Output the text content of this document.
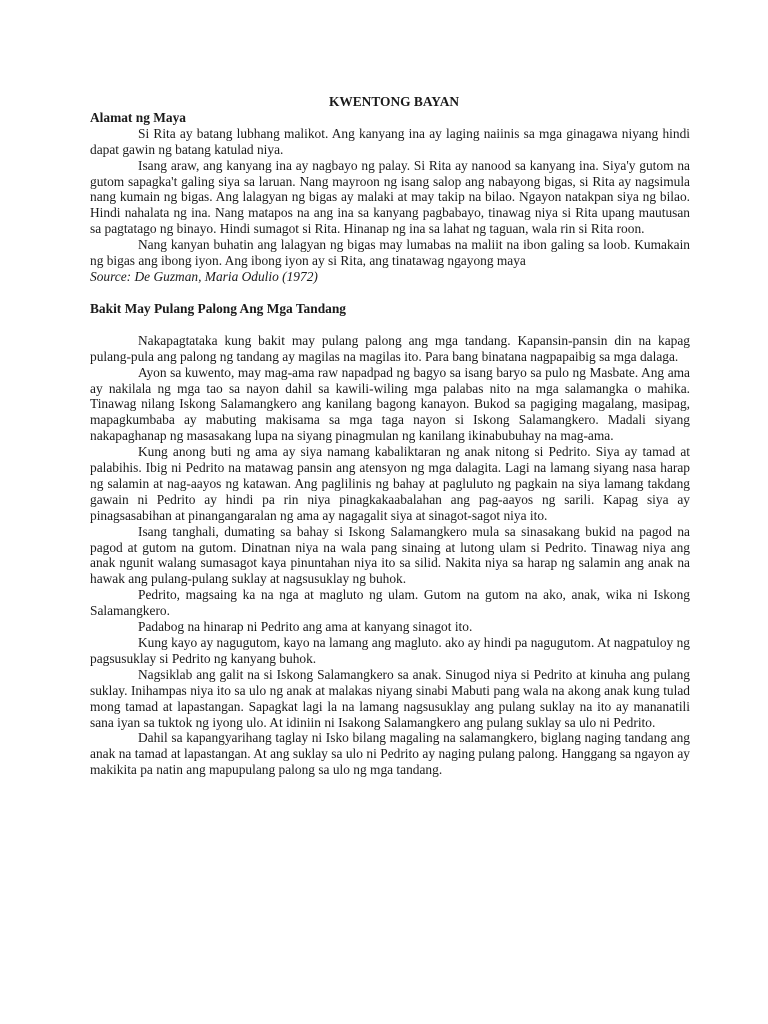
KWENTONG BAYAN
Alamat ng Maya

Si Rita ay batang lubhang malikot. Ang kanyang ina ay laging naiinis sa mga ginagawa niyang hindi dapat gawin ng batang katulad niya.

Isang araw, ang kanyang ina ay nagbayo ng palay. Si Rita ay nanood sa kanyang ina. Siya'y gutom na gutom sapagka't galing siya sa laruan. Nang mayroon ng isang salop ang nabayong bigas, si Rita ay nagsimula nang kumain ng bigas. Ang lalagyan ng bigas ay malaki at may takip na bilao. Ngayon natakpan siya ng bilao. Hindi nahalata ng ina. Nang matapos na ang ina sa kanyang pagbabayo, tinawag niya si Rita upang mautusan sa pagtatago ng binayo. Hindi sumagot si Rita. Hinanap ng ina sa lahat ng taguan, wala rin si Rita roon.

Nang kanyan buhatin ang lalagyan ng bigas may lumabas na maliit na ibon galing sa loob. Kumakain ng bigas ang ibong iyon. Ang ibong iyon ay si Rita, ang tinatawag ngayong maya

Source: De Guzman, Maria Odulio (1972)

Bakit May Pulang Palong Ang Mga Tandang

Nakapagtataka kung bakit may pulang palong ang mga tandang. Kapansin-pansin din na kapag pulang-pula ang palong ng tandang ay magilas na magilas ito. Para bang binatana nagpapaibig sa mga dalaga.

Ayon sa kuwento, may mag-ama raw napadpad ng bagyo sa isang baryo sa pulo ng Masbate. Ang ama ay nakilala ng mga tao sa nayon dahil sa kawili-wiling mga palabas nito na mga salamangka o mahika. Tinawag nilang Iskong Salamangkero ang kanilang bagong kanayon. Bukod sa pagiging magalang, masipag, mapagkumbaba ay mabuting makisama sa mga taga nayon si Iskong Salamangkero. Madali siyang nakapaghanap ng masasakang lupa na siyang pinagmulan ng kanilang ikinabubuhay na mag-ama.

Kung anong buti ng ama ay siya namang kabaliktaran ng anak nitong si Pedrito. Siya ay tamad at palabihis. Ibig ni Pedrito na matawag pansin ang atensyon ng mga dalagita. Lagi na lamang siyang nasa harap ng salamin at nag-aayos ng katawan. Ang paglilinis ng bahay at pagluluto ng pagkain na siya lamang takdang gawain ni Pedrito ay hindi pa rin niya pinagkakaabalahan ang pag-aayos ng sarili. Kapag siya ay pinagsasabihan at pinangangaralan ng ama ay nagagalit siya at sinagot-sagot niya ito.

Isang tanghali, dumating sa bahay si Iskong Salamangkero mula sa sinasakang bukid na pagod na pagod at gutom na gutom. Dinatnan niya na wala pang sinaing at lutong ulam si Pedrito. Tinawag niya ang anak ngunit walang sumasagot kaya pinuntahan niya ito sa silid. Nakita niya sa harap ng salamin ang anak na hawak ang pulang-pulang suklay at nagsusuklay ng buhok.

Pedrito, magsaing ka na nga at magluto ng ulam. Gutom na gutom na ako, anak, wika ni Iskong Salamangkero.

Padabog na hinarap ni Pedrito ang ama at kanyang sinagot ito.

Kung kayo ay nagugutom, kayo na lamang ang magluto. ako ay hindi pa nagugutom. At nagpatuloy ng pagsusuklay si Pedrito ng kanyang buhok.

Nagsiklab ang galit na si Iskong Salamangkero sa anak. Sinugod niya si Pedrito at kinuha ang pulang suklay. Inihampas niya ito sa ulo ng anak at malakas niyang sinabi Mabuti pang wala na akong anak kung tulad mong tamad at lapastangan. Sapagkat lagi la na lamang nagsusuklay ang pulang suklay na ito ay mananatili sana iyan sa tuktok ng iyong ulo. At idiniin ni Isakong Salamangkero ang pulang suklay sa ulo ni Pedrito.

Dahil sa kapangyarihang taglay ni Isko bilang magaling na salamangkero, biglang naging tandang ang anak na tamad at lapastangan. At ang suklay sa ulo ni Pedrito ay naging pulang palong. Hanggang sa ngayon ay makikita pa natin ang mapupulang palong sa ulo ng mga tandang.
